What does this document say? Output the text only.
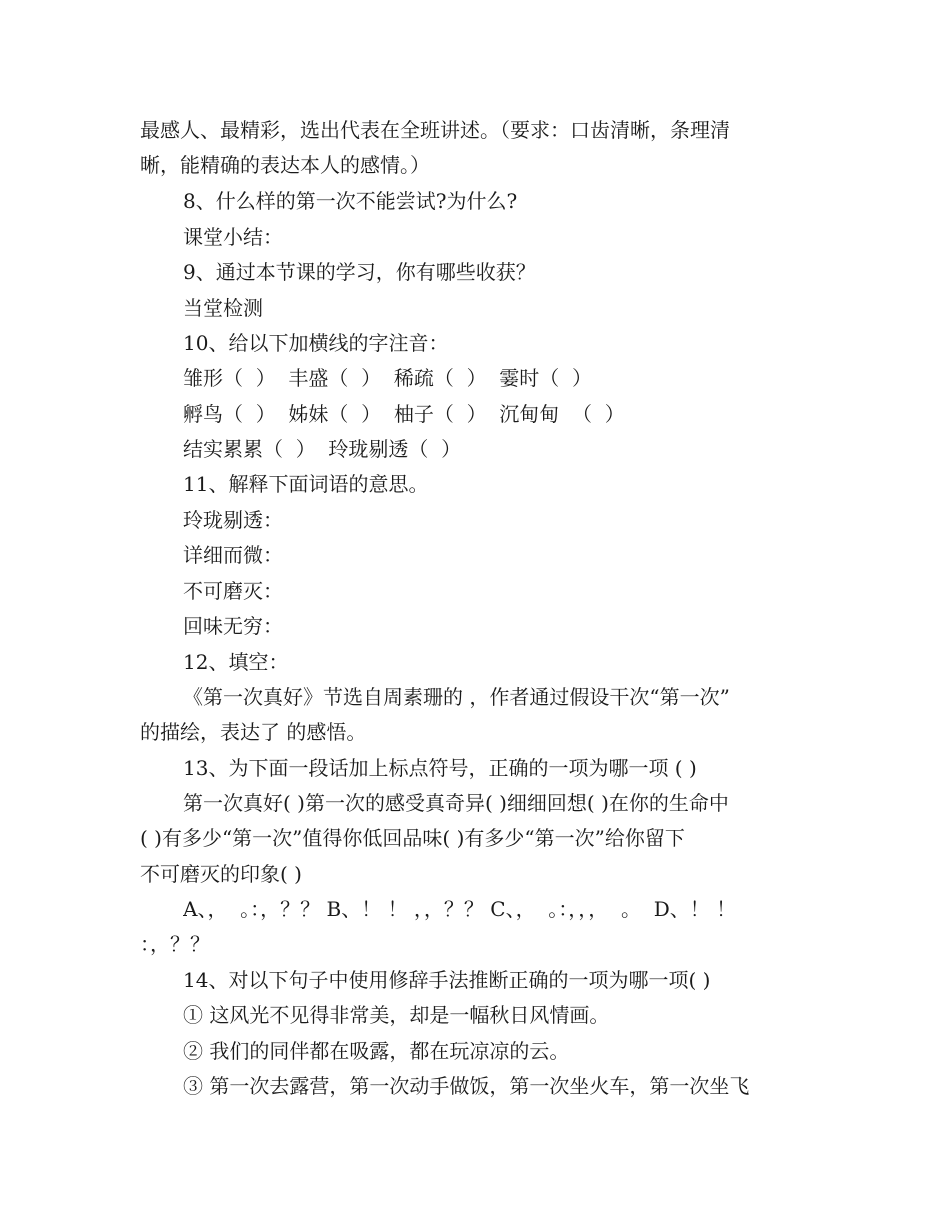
最感人、最精彩，选出代表在全班讲述。（要求：口齿清晰，条理清
晰，能精确的表达本人的感情。）
8、什么样的第一次不能尝试?为什么?
课堂小结：
9、通过本节课的学习，你有哪些收获？
当堂检测
10、给以下加横线的字注音：
雏形（  ）  丰盛（  ）  稀疏（  ）  霎时（  ）
孵鸟（  ）  姊妹（  ）  柚子（  ）  沉甸甸  （  ）
结实累累（  ）  玲珑剔透（  ）
11、解释下面词语的意思。
玲珑剔透：
详细而微：
不可磨灭：
回味无穷：
12、填空：
《第一次真好》节选自周素珊的 ，作者通过假设干次“第一次”
的描绘，表达了 的感悟。
13、为下面一段话加上标点符号，正确的一项为哪一项 ( )
第一次真好( )第一次的感受真奇异( )细细回想( )在你的生命中
( )有多少“第一次”值得你低回品味( )有多少“第一次”给你留下
不可磨灭的印象( )
A、，  。：，？？ B、！ ！ ，，？？ C、，  。：，，，  。  D、！ ！
：，？？
14、对以下句子中使用修辞手法推断正确的一项为哪一项( )
① 这风光不见得非常美，却是一幅秋日风情画。
② 我们的同伴都在吸露，都在玩凉凉的云。
③ 第一次去露营，第一次动手做饭，第一次坐火车，第一次坐飞
